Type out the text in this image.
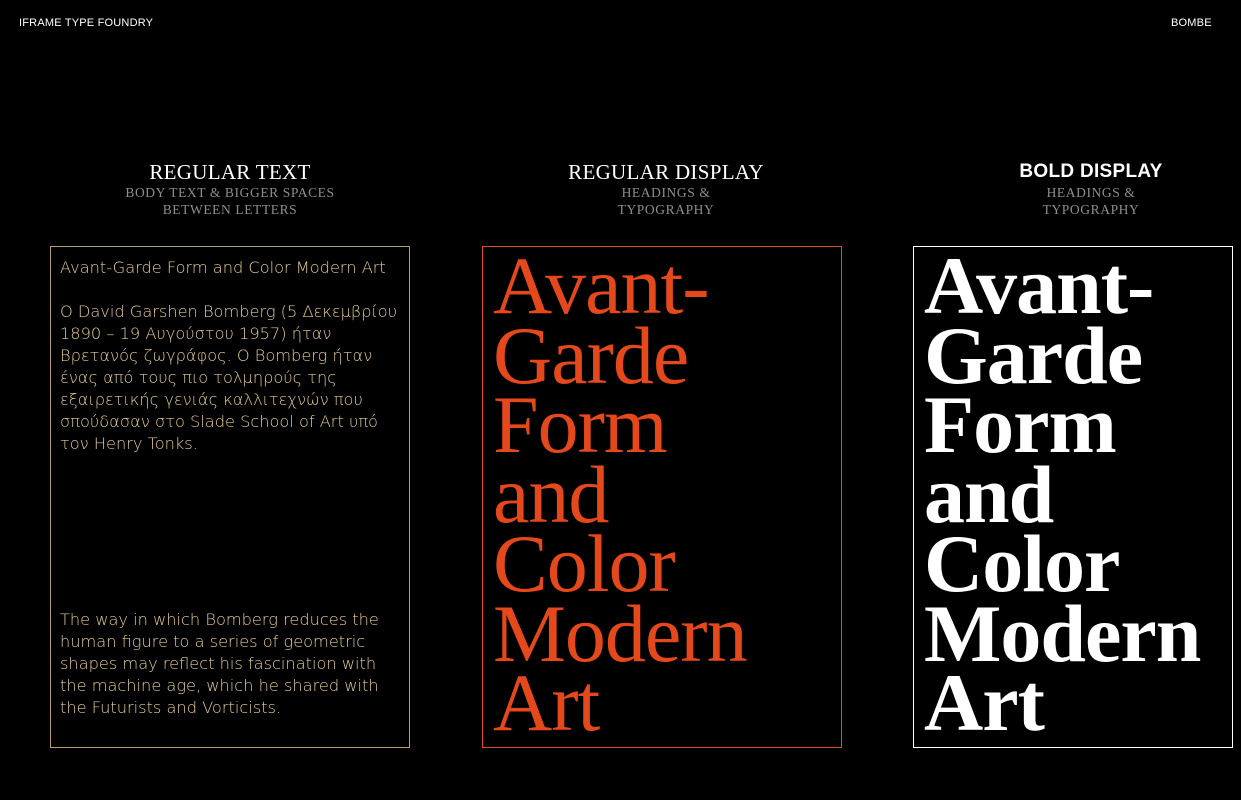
IFRAME TYPE FOUNDRY	BOMBE
REGULAR TEXT
BODY TEXT & BIGGER SPACES
BETWEEN LETTERS
REGULAR DISPLAY
HEADINGS &
TYPOGRAPHY
BOLD DISPLAY
HEADINGS &
TYPOGRAPHY

Avant-Garde Form and Color Modern Art

Ο David Garshen Bomberg (5 Δεκεμβρίου 1890 – 19 Αυγούστου 1957) ήταν Βρετανός ζωγράφος. Ο Bomberg ήταν ένας από τους πιο τολμηρούς της εξαιρετικής γενιάς καλλιτεχνών που σπούδασαν στο Slade School of Art υπό τον Henry Tonks.

The way in which Bomberg reduces the human figure to a series of geometric shapes may reflect his fascination with the machine age, which he shared with the Futurists and Vorticists.

Avant-
Garde
Form
and
Color
Modern
Art
Avant-
Garde
Form
and
Color
Modern
Art
